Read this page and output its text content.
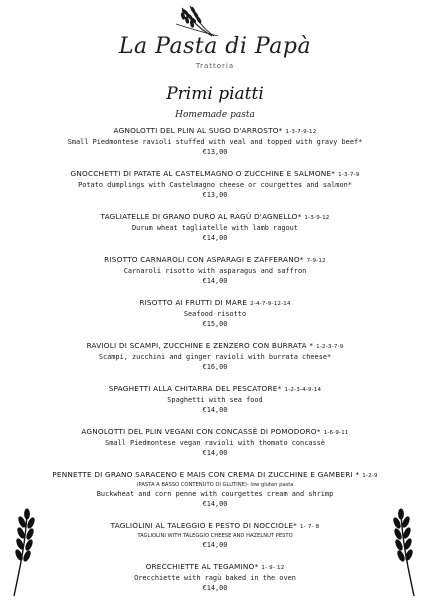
La Pasta di Papà
Trattoria
Primi piatti
Homemade pasta
AGNOLOTTI DEL PLIN AL SUGO D'ARROSTO* 1-3-7-9-12
Small Piedmontese ravioli stuffed with veal and topped with gravy beef*
€13,00
GNOCCHETTI DI PATATE AL CASTELMAGNO O ZUCCHINE E SALMONE* 1-3-7-9
Potato dumplings with Castelmagno cheese or courgettes and salmon*
€13,00
TAGLIATELLE DI GRANO DURO AL RAGÙ D'AGNELLO* 1-3-9-12
Durum wheat tagliatelle with lamb ragout
€14,00
RISOTTO CARNAROLI CON ASPARAGI E ZAFFERANO* 7-9-12
Carnaroli risotto with asparagus and saffron
€14,00
RISOTTO AI FRUTTI DI MARE 2-4-7-9-12-14
Seafood risotto
€15,00
RAVIOLI DI SCAMPI, ZUCCHINE E ZENZERO CON BURRATA * 1-2-3-7-9
Scampi, zucchini and ginger ravioli with burrata cheese*
€16,00
SPAGHETTI ALLA CHITARRA DEL PESCATORE* 1-2-3-4-9-14
Spaghetti with sea food
€14,00
AGNOLOTTI DEL PLIN VEGANI CON CONCASSÈ DI POMODORO* 1-6-9-11
Small Piedmontese vegan ravioli with thomato concassè
€14,00
PENNETTE DI GRANO SARACENO E MAIS CON CREMA DI ZUCCHINE E GAMBERI * 1-2-9
(PASTA A BASSO CONTENUTO DI GLUTINE)- low gluten pasta
Buckwheat and corn penne with courgettes cream and shrimp
€14,00
TAGLIOLINI AL TALEGGIO E PESTO DI NOCCIOLE* 1- 7- 8
TAGLIOLINI WITH TALEGGIO CHEESE AND HAZELNUT PESTO
€14,00
ORECCHIETTE AL TEGAMINO* 1- 9- 12
Orecchiette with ragù baked in the oven
€14,00
